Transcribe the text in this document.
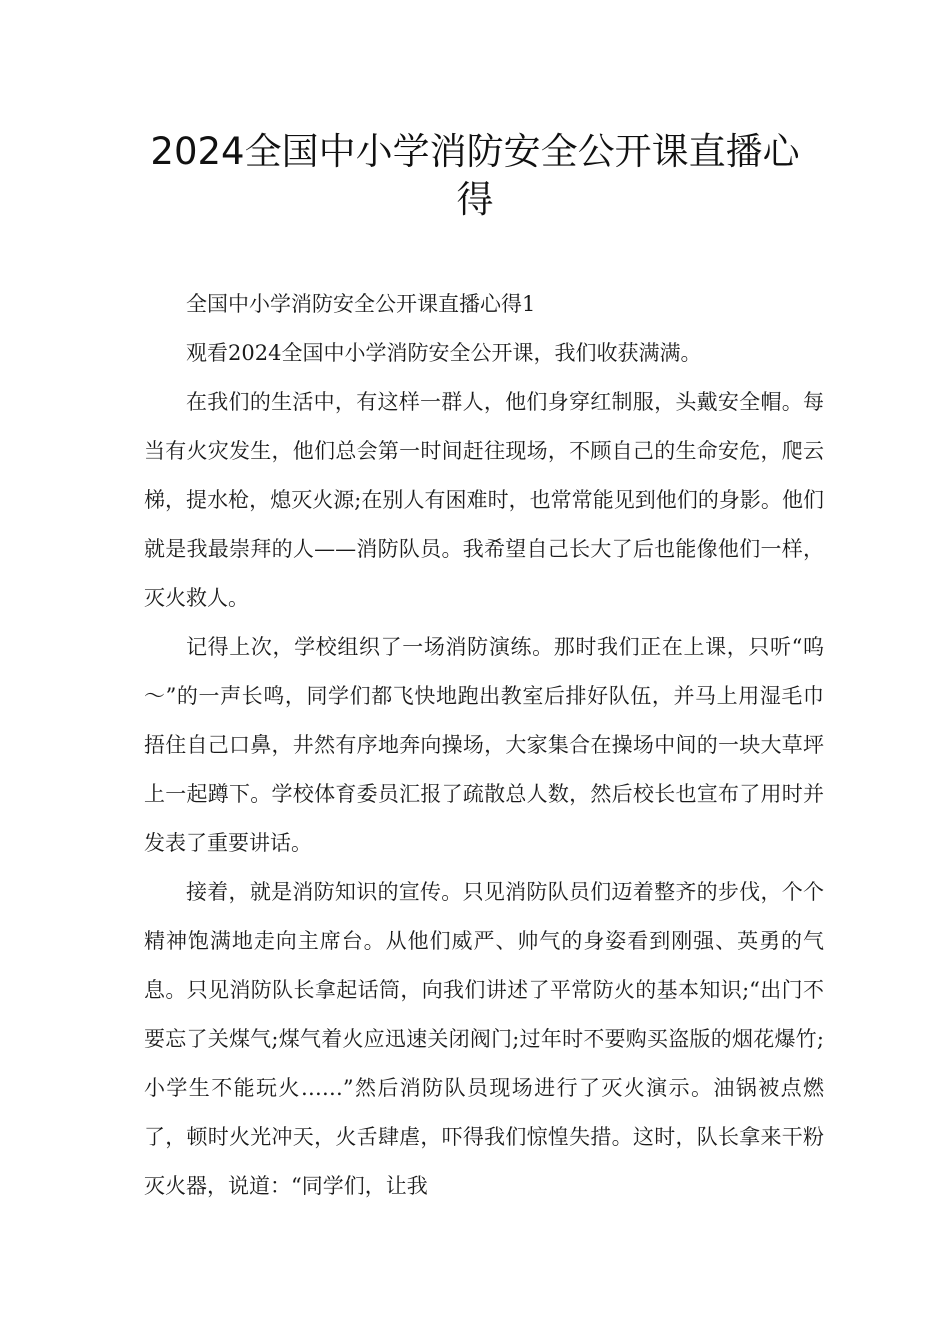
2024全国中小学消防安全公开课直播心
得

全国中小学消防安全公开课直播心得1

观看2024全国中小学消防安全公开课，我们收获满满。

在我们的生活中，有这样一群人，他们身穿红制服，头戴安全帽。每当有火灾发生，他们总会第一时间赶往现场，不顾自己的生命安危，爬云梯，提水枪，熄灭火源;在别人有困难时，也常常能见到他们的身影。他们就是我最崇拜的人——消防队员。我希望自己长大了后也能像他们一样，灭火救人。

记得上次，学校组织了一场消防演练。那时我们正在上课，只听“呜～”的一声长鸣，同学们都飞快地跑出教室后排好队伍，并马上用湿毛巾捂住自己口鼻，井然有序地奔向操场，大家集合在操场中间的一块大草坪上一起蹲下。学校体育委员汇报了疏散总人数，然后校长也宣布了用时并发表了重要讲话。

接着，就是消防知识的宣传。只见消防队员们迈着整齐的步伐，个个精神饱满地走向主席台。从他们威严、帅气的身姿看到刚强、英勇的气息。只见消防队长拿起话筒，向我们讲述了平常防火的基本知识;“出门不要忘了关煤气;煤气着火应迅速关闭阀门;过年时不要购买盗版的烟花爆竹;小学生不能玩火……”然后消防队员现场进行了灭火演示。油锅被点燃了，顿时火光冲天，火舌肆虐，吓得我们惊惶失措。这时，队长拿来干粉灭火器，说道：“同学们，让我
